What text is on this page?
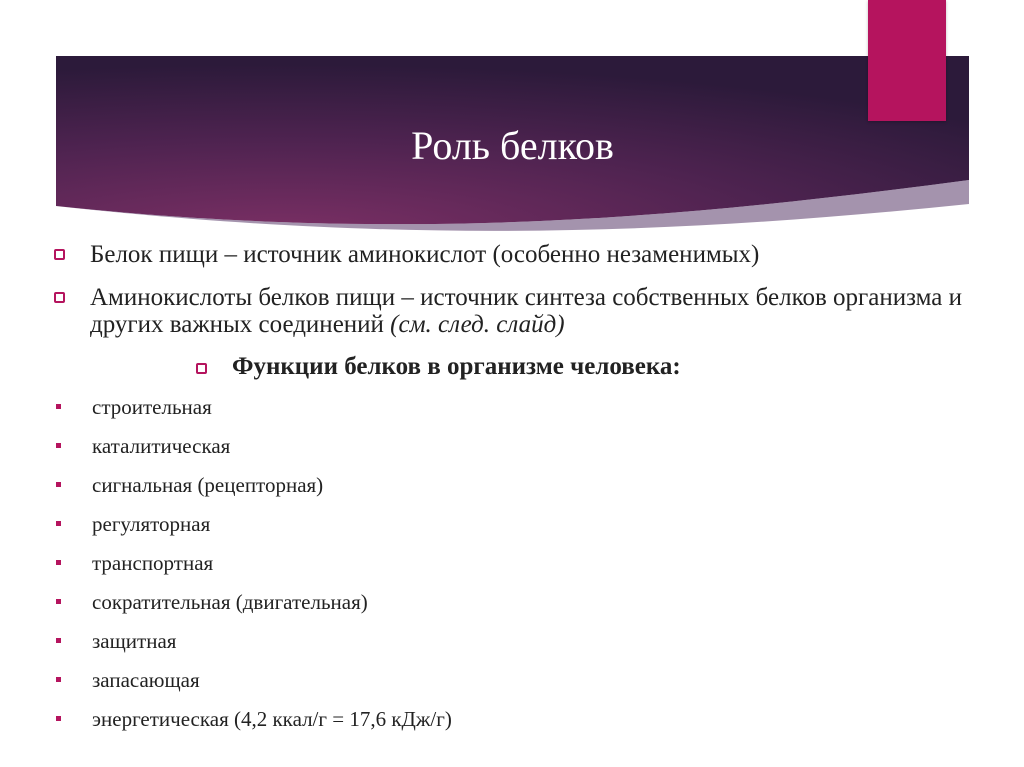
Роль белков
Белок пищи – источник аминокислот (особенно незаменимых)
Аминокислоты белков пищи – источник синтеза собственных белков организма и других важных соединений (см. след. слайд)
Функции белков в организме человека:
строительная
каталитическая
сигнальная (рецепторная)
регуляторная
транспортная
сократительная (двигательная)
защитная
запасающая
энергетическая (4,2 ккал/г = 17,6 кДж/г)
